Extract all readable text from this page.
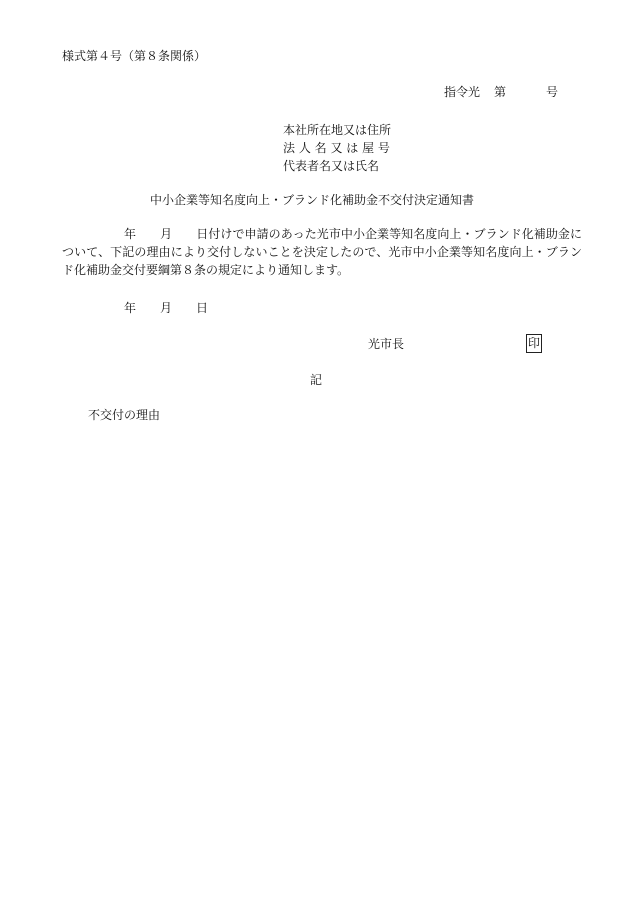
様式第４号（第８条関係）
指令光 第	号
本社所在地又は住所
法 人 名 又 は 屋 号
代表者名又は氏名
中小企業等知名度向上・ブランド化補助金不交付決定通知書
年 月 日付けで申請のあった光市中小企業等知名度向上・ブランド化補助金について、下記の理由により交付しないことを決定したので、光市中小企業等知名度向上・ブランド化補助金交付要綱第８条の規定により通知します。
年 月 日
光市長	印
記
不交付の理由
